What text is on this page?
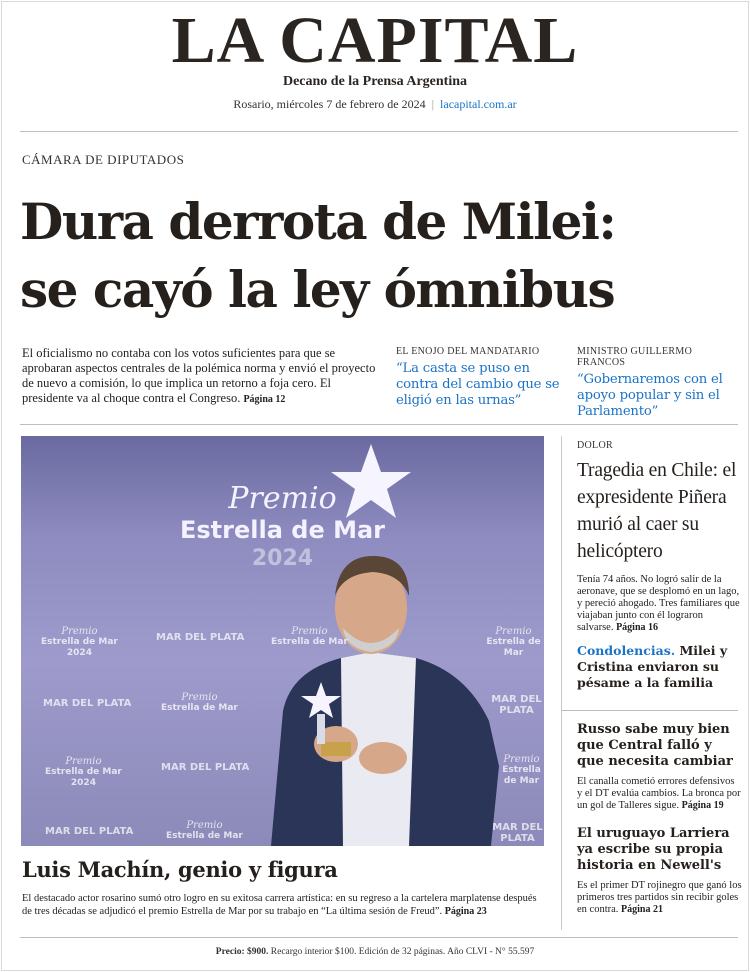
LA CAPITAL
Decano de la Prensa Argentina
Rosario, miércoles 7 de febrero de 2024 | lacapital.com.ar
CÁMARA DE DIPUTADOS
Dura derrota de Milei:
se cayó la ley ómnibus

El oficialismo no contaba con los votos suficientes para que se aprobaran aspectos centrales de la polémica norma y envió el proyecto de nuevo a comisión, lo que implica un retorno a foja cero. El presidente va al choque contra el Congreso. Página 12

EL ENOJO DEL MANDATARIO
“La casta se puso en contra del cambio que se eligió en las urnas”
MINISTRO GUILLERMO FRANCOS
“Gobernaremos con el apoyo popular y sin el Parlamento”
Premio
Estrella de Mar
2024
Premio
Estrella de Mar
2024
MAR DEL PLATA
Premio
Estrella de Mar
Premio
Estrella de Mar
MAR DEL PLATA
Premio
Estrella de Mar
MAR DEL PLATA
Premio
Estrella de Mar
2024
MAR DEL PLATA
Premio
Estrella de Mar
MAR DEL PLATA
Premio
Estrella de Mar
MAR DEL PLATA
Luis Machín, genio y figura

El destacado actor rosarino sumó otro logro en su exitosa carrera artística: en su regreso a la cartelera marplatense después de tres décadas se adjudicó el premio Estrella de Mar por su trabajo en “La última sesión de Freud”. Página 23

DOLOR
Tragedia en Chile: el expresidente Piñera murió al caer su helicóptero

Tenía 74 años. No logró salir de la aeronave, que se desplomó en un lago, y pereció ahogado. Tres familiares que viajaban junto con él lograron salvarse. Página 16

Condolencias. Milei y Cristina enviaron su pésame a la familia
Russo sabe muy bien que Central falló y que necesita cambiar

El canalla cometió errores defensivos y el DT evalúa cambios. La bronca por un gol de Talleres sigue. Página 19

El uruguayo Larriera ya escribe su propia historia en Newell's

Es el primer DT rojinegro que ganó los primeros tres partidos sin recibir goles en contra. Página 21

Precio: $900. Recargo interior $100. Edición de 32 páginas. Año CLVI - N° 55.597
